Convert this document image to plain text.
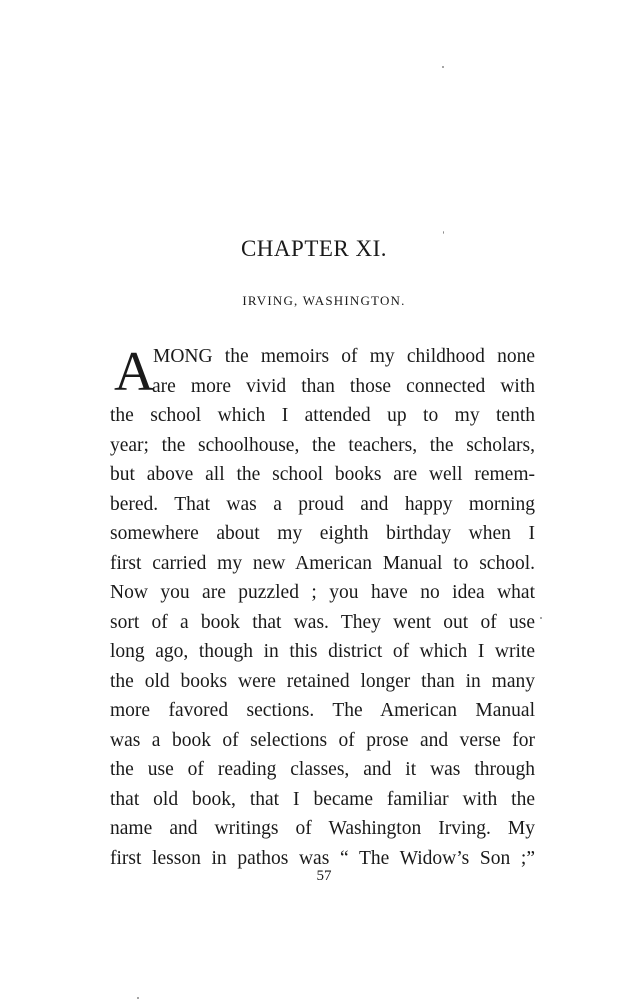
CHAPTER XI.
IRVING, WASHINGTON.
A
MONG the memoirs of my childhood none
are more vivid than those connected with
the school which I attended up to my tenth
year; the schoolhouse, the teachers, the scholars,
but above all the school books are well remem-
bered. That was a proud and happy morning
somewhere about my eighth birthday when I
first carried my new American Manual to school.
Now you are puzzled ; you have no idea what
sort of a book that was. They went out of use
long ago, though in this district of which I write
the old books were retained longer than in many
more favored sections. The American Manual
was a book of selections of prose and verse for
the use of reading classes, and it was through
that old book, that I became familiar with the
name and writings of Washington Irving. My
first lesson in pathos was “ The Widow’s Son ;”
57
